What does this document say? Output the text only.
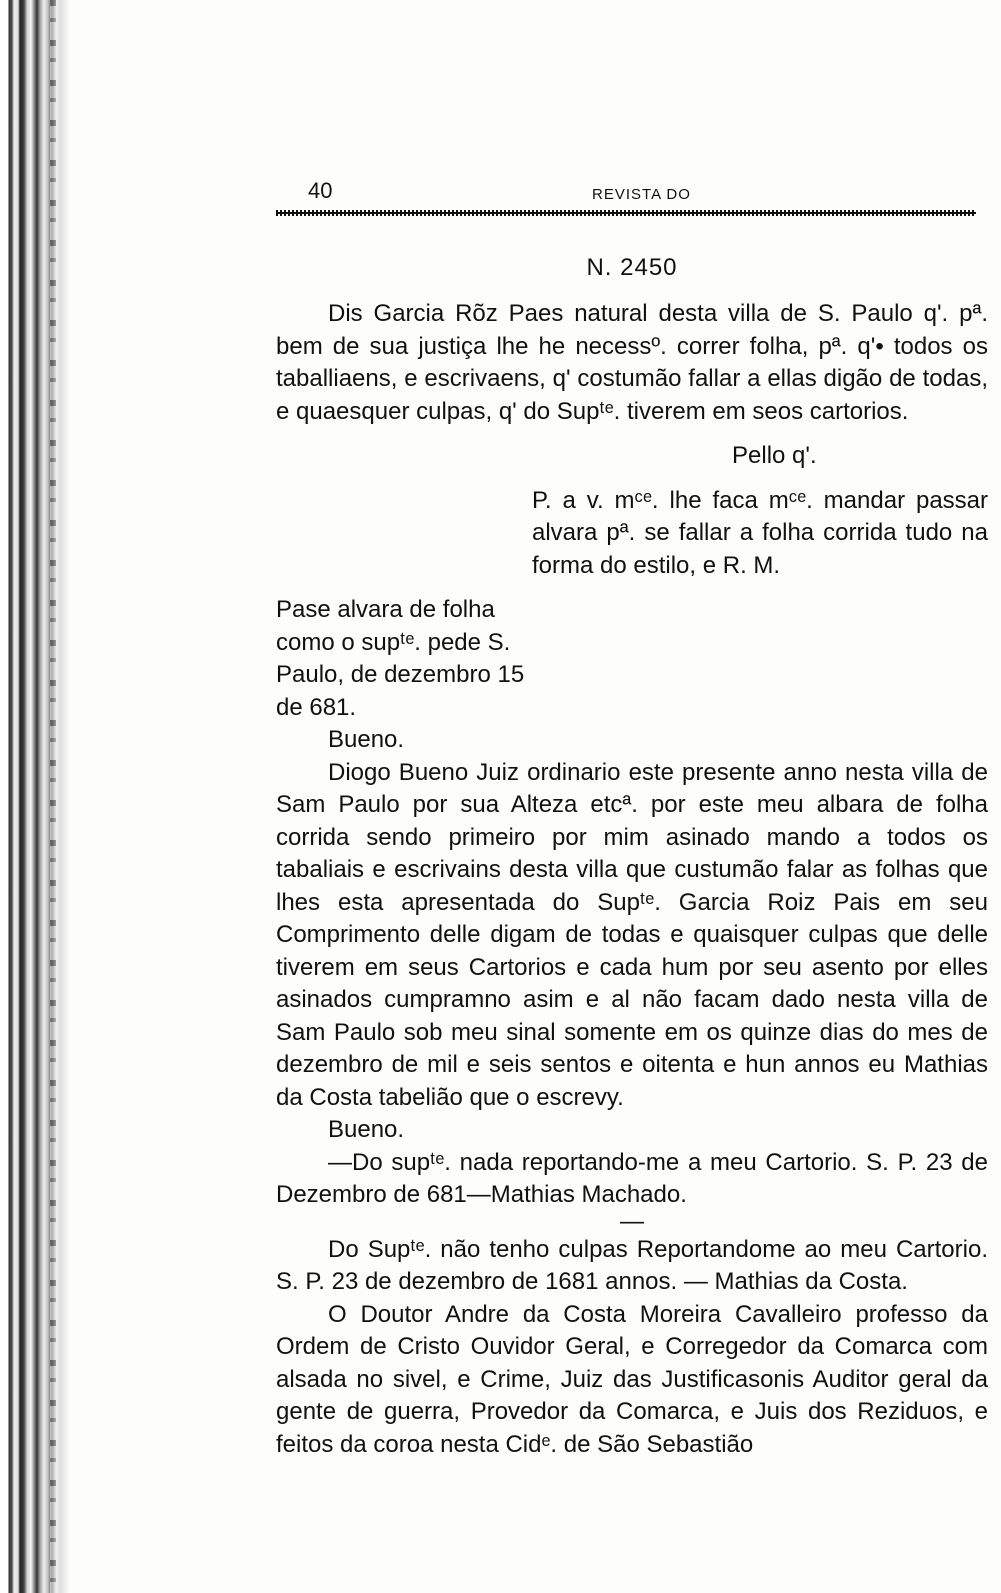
40	REVISTA DO
N. 2450

Dis Garcia Rõz Paes natural desta villa de S. Paulo q'. pª. bem de sua justiça lhe he necessº. correr folha, pª. q'• todos os taballiaens, e escrivaens, q' costumão fallar a ellas digão de todas, e quaesquer culpas, q' do Supᵗᵉ. tiverem em seos cartorios.

Pello q'.

P. a v. mᶜᵉ. lhe faca mᶜᵉ. mandar passar alvara pª. se fallar a folha corrida tudo na forma do estilo, e R. M.

Pase alvara de folha como o supᵗᵉ. pede S. Paulo, de dezembro 15 de 681.

Bueno.

Diogo Bueno Juiz ordinario este presente anno nesta villa de Sam Paulo por sua Alteza etcª. por este meu albara de folha corrida sendo primeiro por mim asinado mando a todos os tabaliais e escrivains desta villa que custumão falar as folhas que lhes esta apresentada do Supᵗᵉ. Garcia Roiz Pais em seu Comprimento delle digam de todas e quaisquer culpas que delle tiverem em seus Cartorios e cada hum por seu asento por elles asinados cumpramno asim e al não facam dado nesta villa de Sam Paulo sob meu sinal somente em os quinze dias do mes de dezembro de mil e seis sentos e oitenta e hun annos eu Mathias da Costa tabelião que o escrevy.

Bueno.

—Do supᵗᵉ. nada reportando-me a meu Cartorio. S. P. 23 de Dezembro de 681—Mathias Machado.

—

Do Supᵗᵉ. não tenho culpas Reportandome ao meu Cartorio. S. P. 23 de dezembro de 1681 annos. — Mathias da Costa.

O Doutor Andre da Costa Moreira Cavalleiro professo da Ordem de Cristo Ouvidor Geral, e Corregedor da Comarca com alsada no sivel, e Crime, Juiz das Justificasonis Auditor geral da gente de guerra, Provedor da Comarca, e Juis dos Reziduos, e feitos da coroa nesta Cidᵉ. de São Sebastião
